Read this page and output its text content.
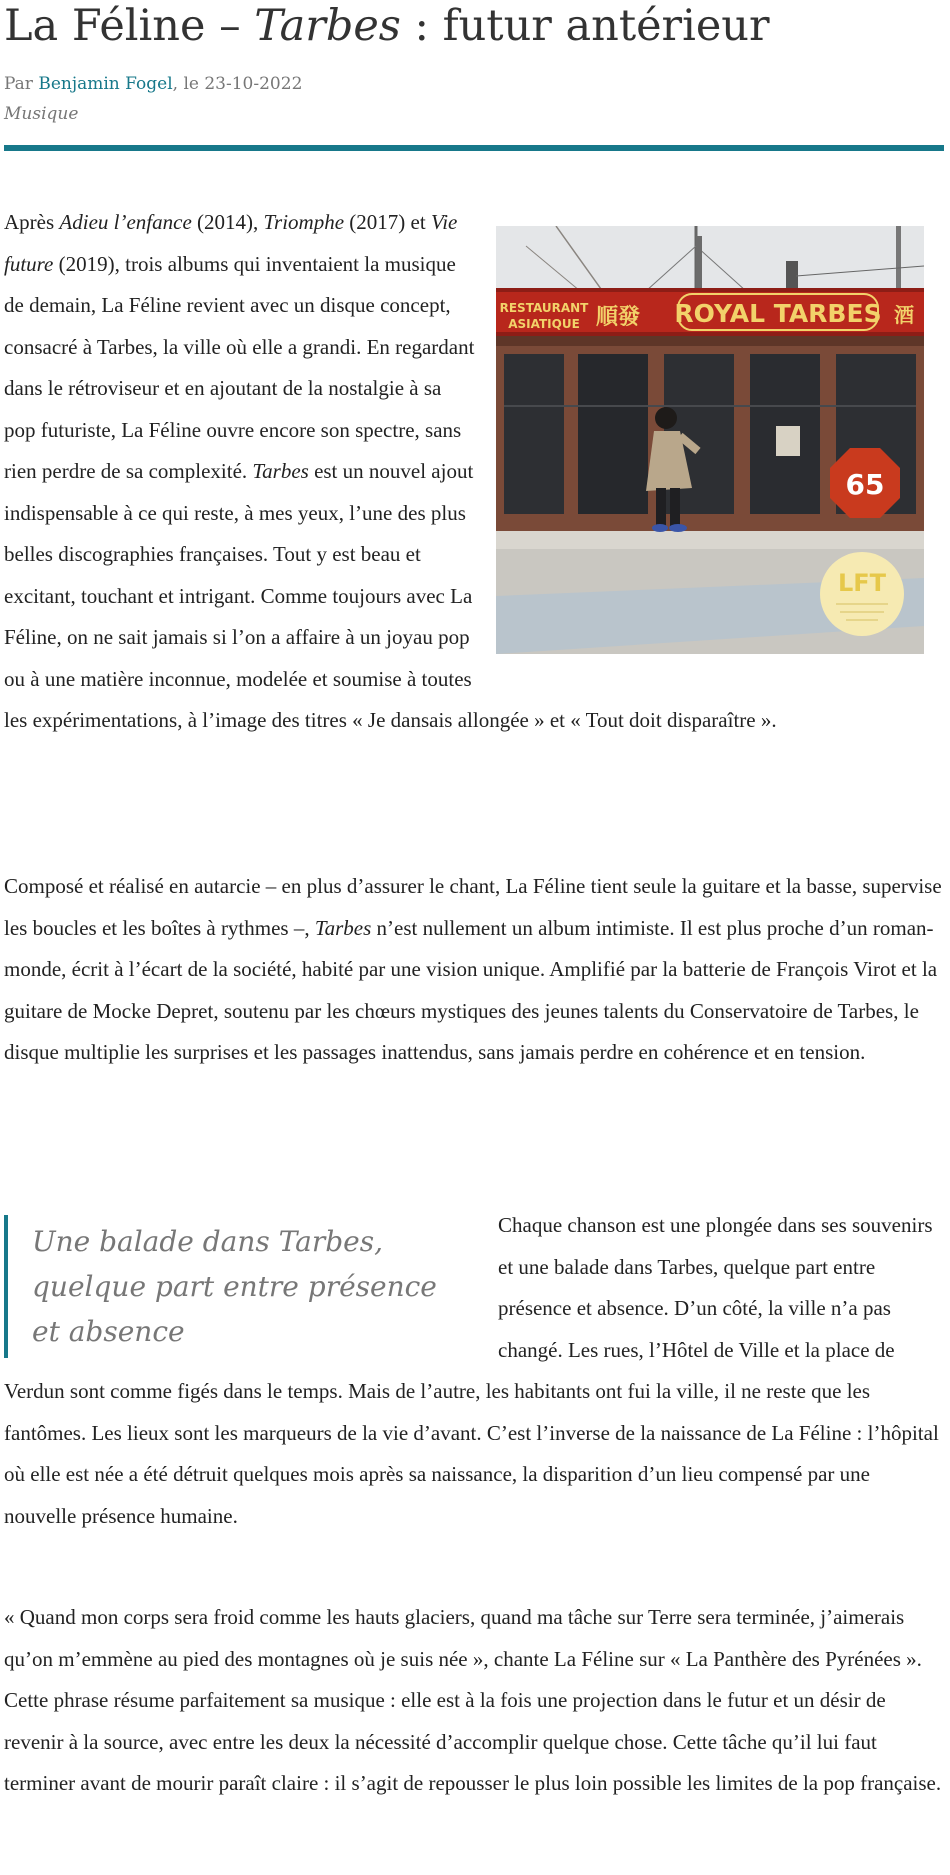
La Féline – Tarbes : futur antérieur
Par Benjamin Fogel, le 23-10-2022
Musique

RESTAURANT
ASIATIQUE 順發 ROYAL TARBES 酒
65
LFT
Après Adieu l’enfance (2014), Triomphe (2017) et Vie future (2019), trois albums qui inventaient la musique de demain, La Féline revient avec un disque concept, consacré à Tarbes, la ville où elle a grandi. En regardant dans le rétroviseur et en ajoutant de la nostalgie à sa pop futuriste, La Féline ouvre encore son spectre, sans rien perdre de sa complexité. Tarbes est un nouvel ajout indispensable à ce qui reste, à mes yeux, l’une des plus belles discographies françaises. Tout y est beau et excitant, touchant et intrigant. Comme toujours avec La Féline, on ne sait jamais si l’on a affaire à un joyau pop ou à une matière inconnue, modelée et soumise à toutes les expérimentations, à l’image des titres « Je dansais allongée » et « Tout doit disparaître ».

Composé et réalisé en autarcie – en plus d’assurer le chant, La Féline tient seule la guitare et la basse, supervise les boucles et les boîtes à rythmes –, Tarbes n’est nullement un album intimiste. Il est plus proche d’un roman-monde, écrit à l’écart de la société, habité par une vision unique. Amplifié par la batterie de François Virot et la guitare de Mocke Depret, soutenu par les chœurs mystiques des jeunes talents du Conservatoire de Tarbes, le disque multiplie les surprises et les passages inattendus, sans jamais perdre en cohérence et en tension.

Une balade dans Tarbes, quelque part entre présence et absence
Chaque chanson est une plongée dans ses souvenirs et une balade dans Tarbes, quelque part entre présence et absence. D’un côté, la ville n’a pas changé. Les rues, l’Hôtel de Ville et la place de Verdun sont comme figés dans le temps. Mais de l’autre, les habitants ont fui la ville, il ne reste que les fantômes. Les lieux sont les marqueurs de la vie d’avant. C’est l’inverse de la naissance de La Féline : l’hôpital où elle est née a été détruit quelques mois après sa naissance, la disparition d’un lieu compensé par une nouvelle présence humaine.

« Quand mon corps sera froid comme les hauts glaciers, quand ma tâche sur Terre sera terminée, j’aimerais qu’on m’emmène au pied des montagnes où je suis née », chante La Féline sur « La Panthère des Pyrénées ». Cette phrase résume parfaitement sa musique : elle est à la fois une projection dans le futur et un désir de revenir à la source, avec entre les deux la nécessité d’accomplir quelque chose. Cette tâche qu’il lui faut terminer avant de mourir paraît claire : il s’agit de repousser le plus loin possible les limites de la pop française.
